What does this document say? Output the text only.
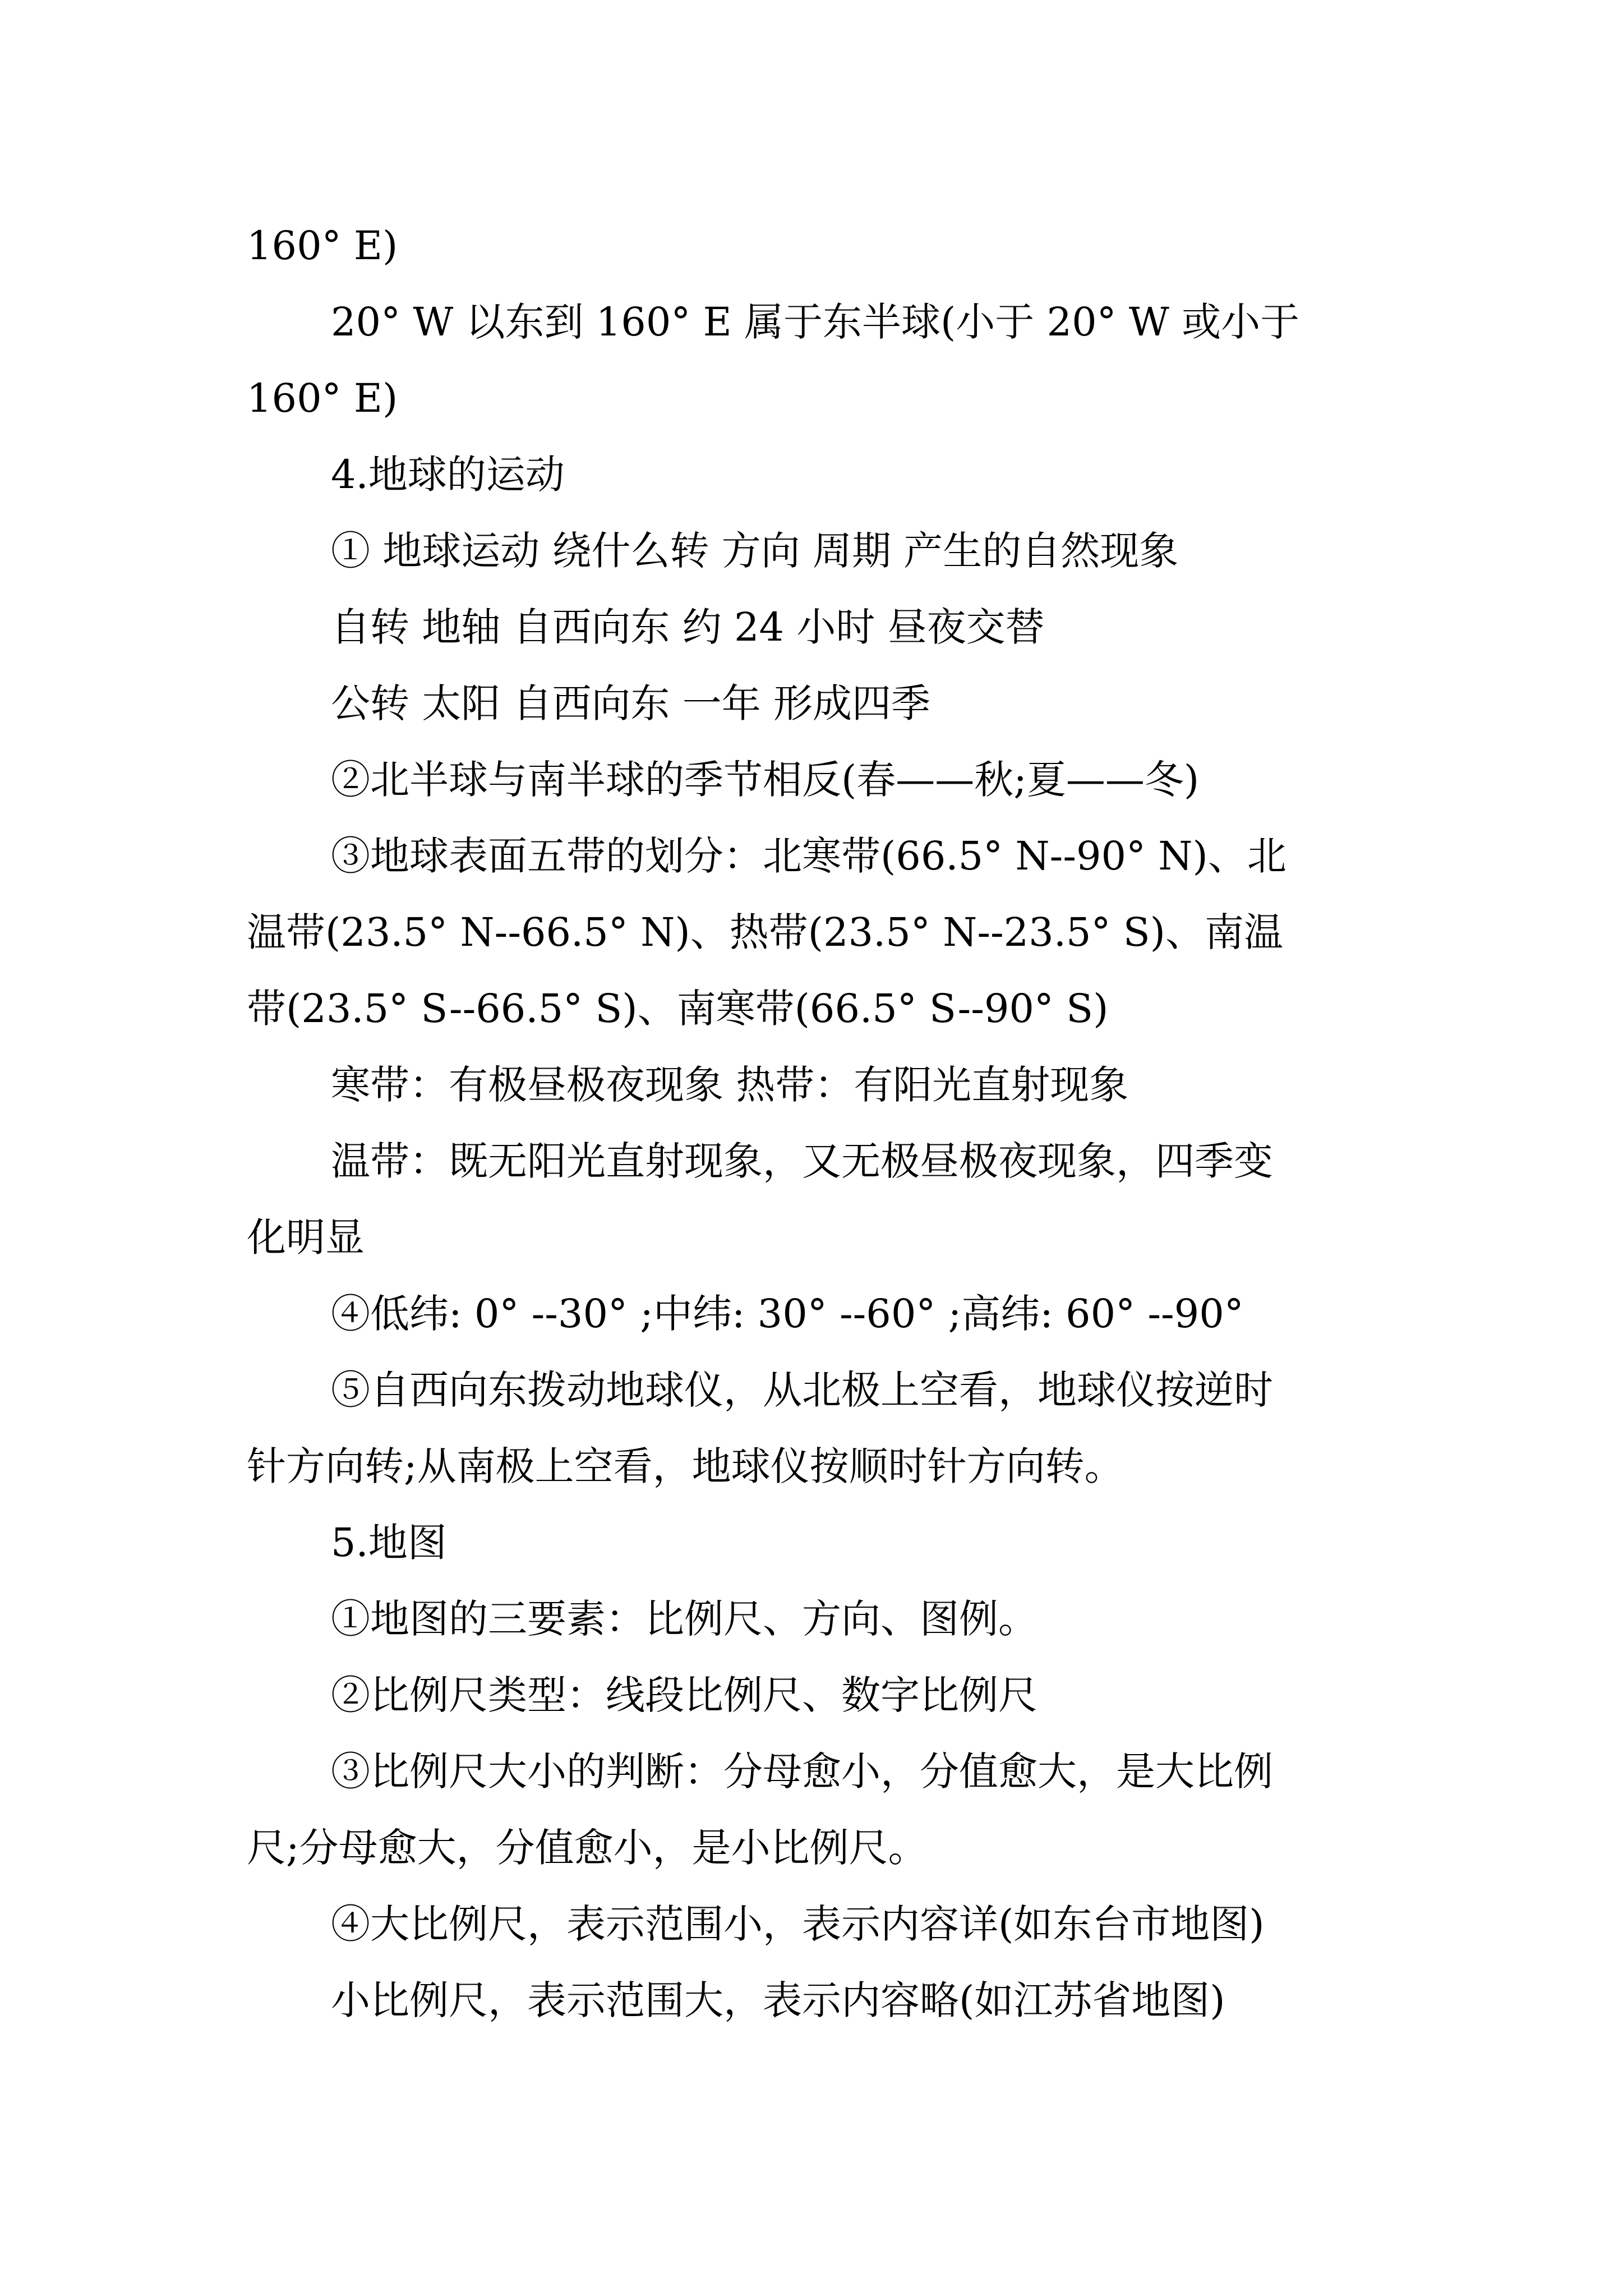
160° E)
20° W 以东到 160° E 属于东半球(小于 20° W 或小于
160° E)
4.地球的运动
① 地球运动 绕什么转 方向 周期 产生的自然现象
自转 地轴 自西向东 约 24 小时 昼夜交替
公转 太阳 自西向东 一年 形成四季
②北半球与南半球的季节相反(春——秋;夏——冬)
③地球表面五带的划分：北寒带(66.5° N--90° N)、北
温带(23.5° N--66.5° N)、热带(23.5° N--23.5° S)、南温
带(23.5° S--66.5° S)、南寒带(66.5° S--90° S)
寒带：有极昼极夜现象 热带：有阳光直射现象
温带：既无阳光直射现象，又无极昼极夜现象，四季变
化明显
④低纬: 0° --30° ;中纬: 30° --60° ;高纬: 60° --90°
⑤自西向东拨动地球仪，从北极上空看，地球仪按逆时
针方向转;从南极上空看，地球仪按顺时针方向转。
5.地图
①地图的三要素：比例尺、方向、图例。
②比例尺类型：线段比例尺、数字比例尺
③比例尺大小的判断：分母愈小，分值愈大，是大比例
尺;分母愈大，分值愈小，是小比例尺。
④大比例尺，表示范围小，表示内容详(如东台市地图)
小比例尺，表示范围大，表示内容略(如江苏省地图)
